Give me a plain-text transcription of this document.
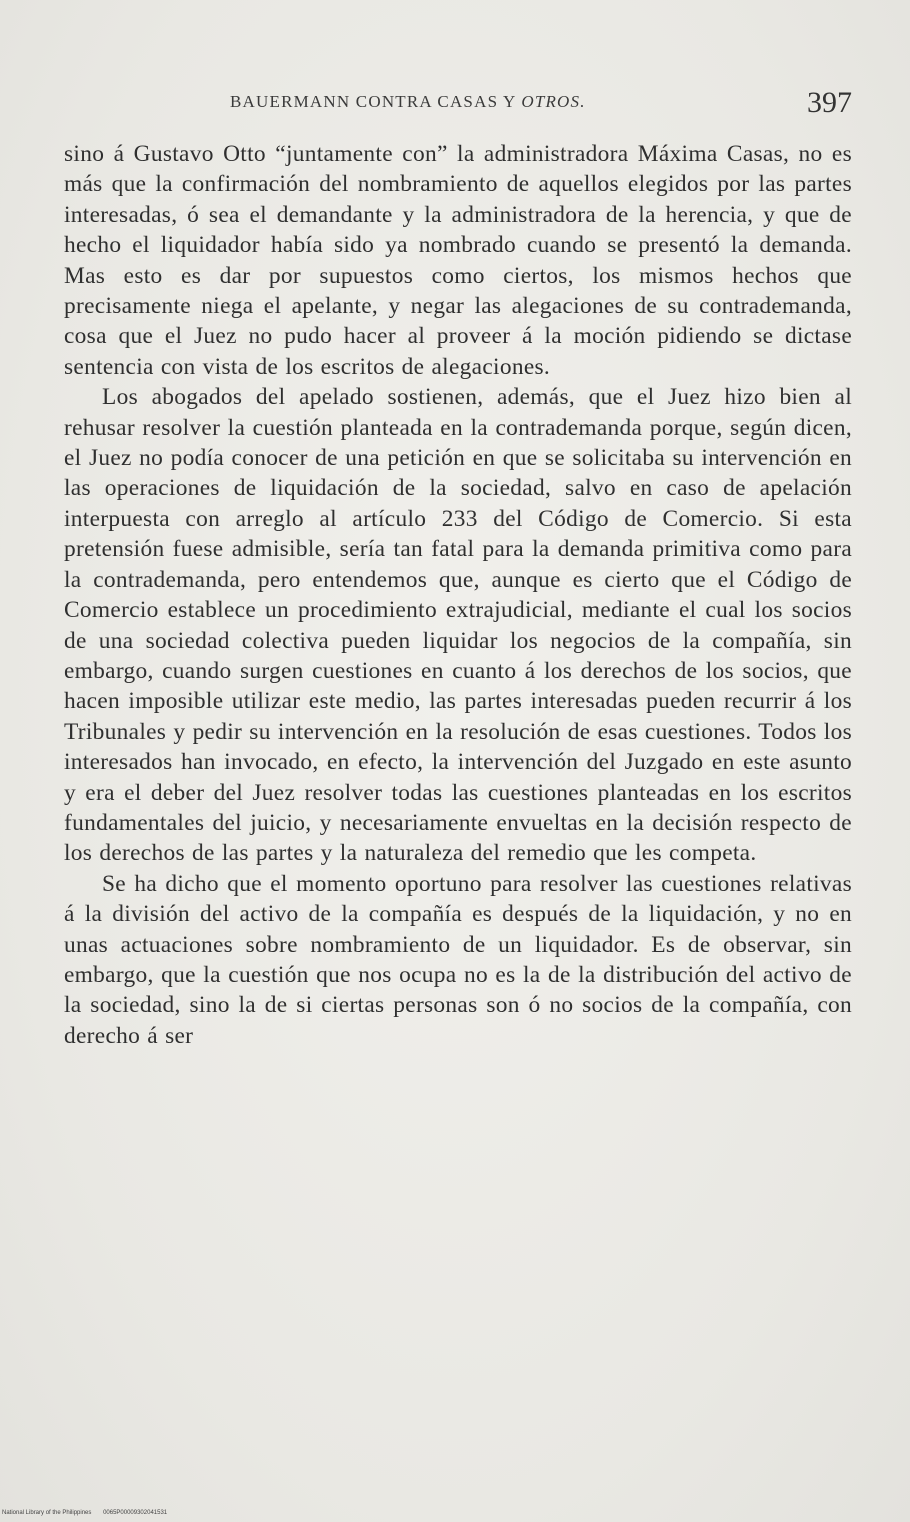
BAUERMANN CONTRA CASAS Y OTROS.	397

sino á Gustavo Otto “juntamente con” la administradora Máxima Casas, no es más que la confirmación del nombramiento de aquellos elegidos por las partes interesadas, ó sea el demandante y la administradora de la herencia, y que de hecho el liquidador había sido ya nombrado cuando se presentó la demanda. Mas esto es dar por supuestos como ciertos, los mismos hechos que precisamente niega el apelante, y negar las alegaciones de su contrademanda, cosa que el Juez no pudo hacer al proveer á la moción pidiendo se dictase sentencia con vista de los escritos de alegaciones.

Los abogados del apelado sostienen, además, que el Juez hizo bien al rehusar resolver la cuestión planteada en la contrademanda porque, según dicen, el Juez no podía conocer de una petición en que se solicitaba su intervención en las operaciones de liquidación de la sociedad, salvo en caso de apelación interpuesta con arreglo al artículo 233 del Código de Comercio. Si esta pretensión fuese admisible, sería tan fatal para la demanda primitiva como para la contrademanda, pero entendemos que, aunque es cierto que el Código de Comercio establece un procedimiento extrajudicial, mediante el cual los socios de una sociedad colectiva pueden liquidar los negocios de la compañía, sin embargo, cuando surgen cuestiones en cuanto á los derechos de los socios, que hacen imposible utilizar este medio, las partes interesadas pueden recurrir á los Tribunales y pedir su intervención en la resolución de esas cuestiones. Todos los interesados han invocado, en efecto, la intervención del Juzgado en este asunto y era el deber del Juez resolver todas las cuestiones planteadas en los escritos fundamentales del juicio, y necesariamente envueltas en la decisión respecto de los derechos de las partes y la naturaleza del remedio que les competa.

Se ha dicho que el momento oportuno para resolver las cuestiones relativas á la división del activo de la compañía es después de la liquidación, y no en unas actuaciones sobre nombramiento de un liquidador. Es de observar, sin embargo, que la cuestión que nos ocupa no es la de la distribución del activo de la sociedad, sino la de si ciertas personas son ó no socios de la compañía, con derecho á ser

National Library of the Philippines 0065P00009302041531
